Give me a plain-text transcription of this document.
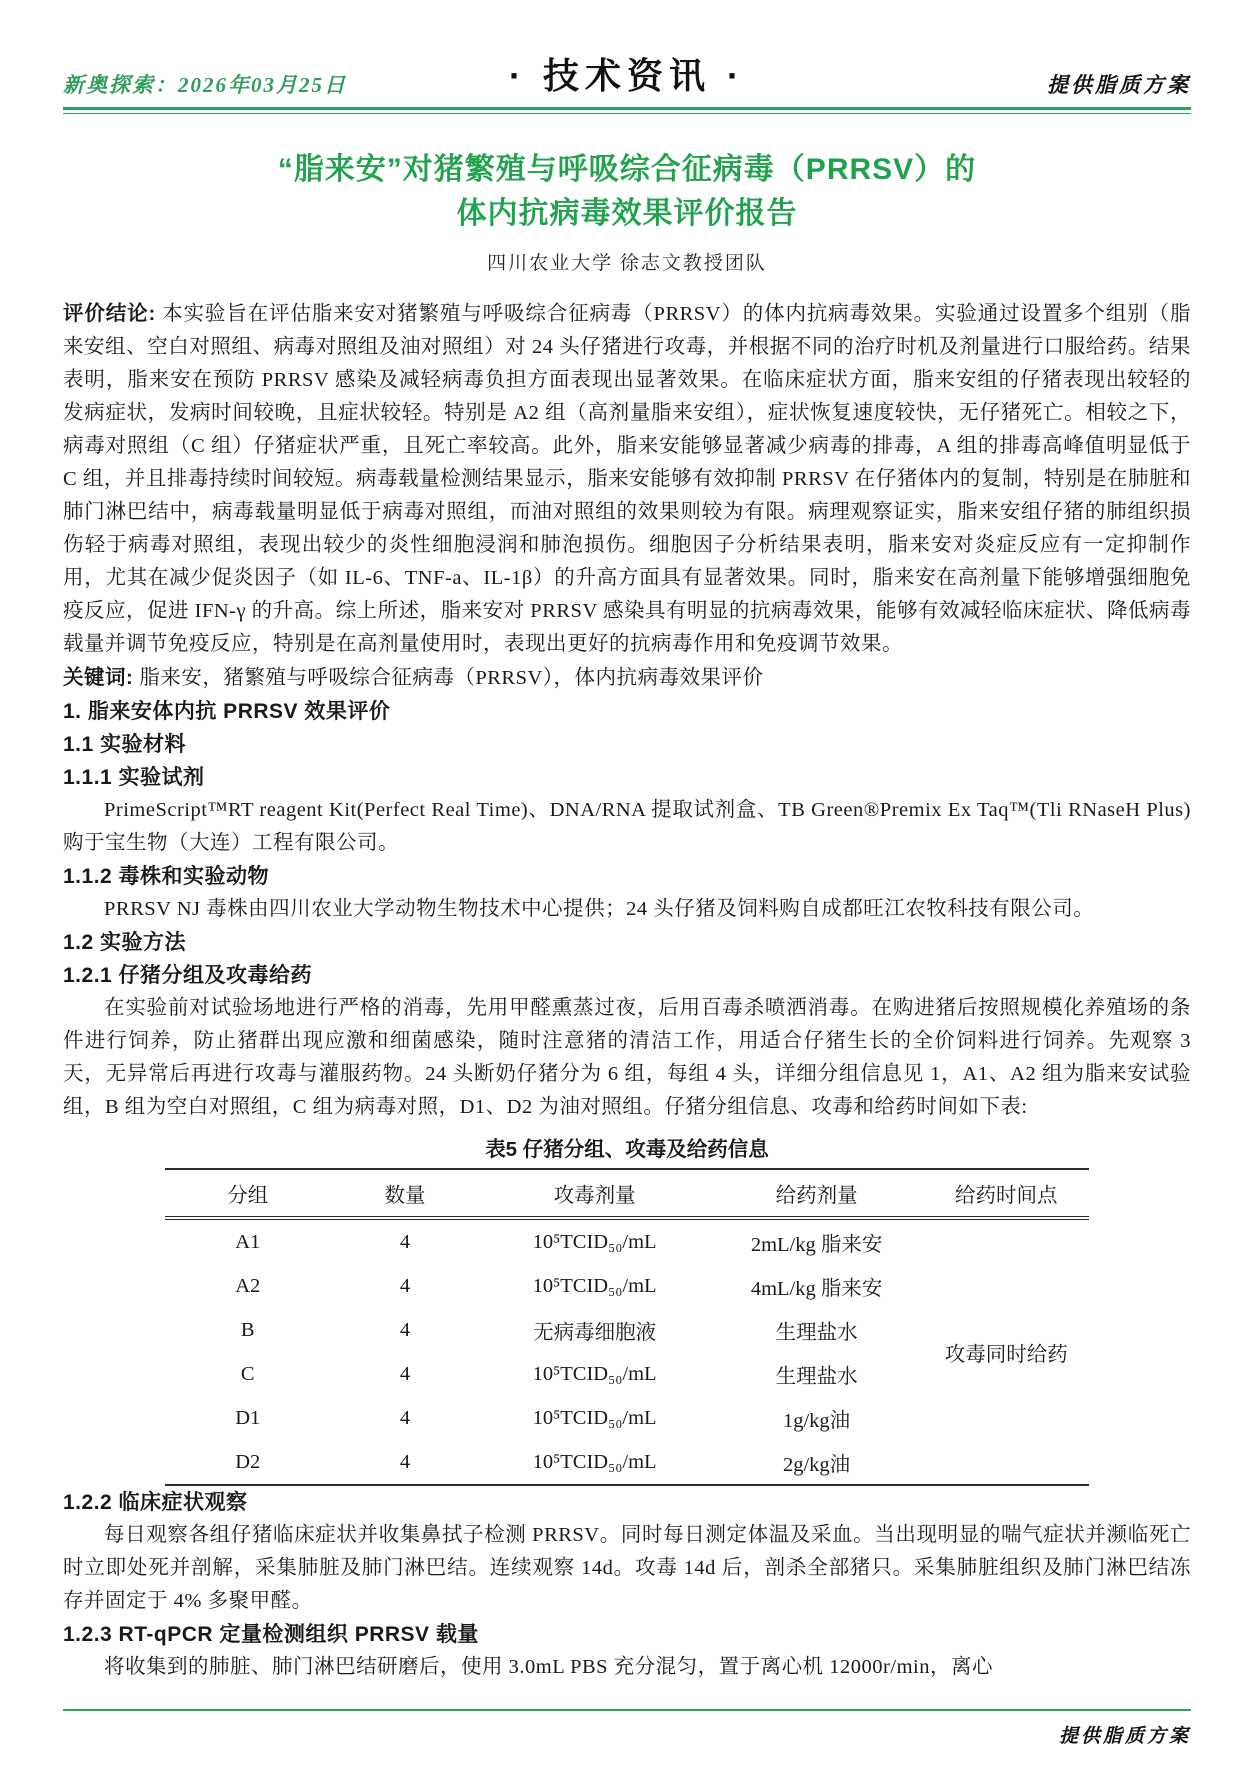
新奥探索：2026年03月25日	· 技术资讯 ·	提供脂质方案
“脂来安”对猪繁殖与呼吸综合征病毒（PRRSV）的
体内抗病毒效果评价报告
四川农业大学 徐志文教授团队

评价结论: 本实验旨在评估脂来安对猪繁殖与呼吸综合征病毒（PRRSV）的体内抗病毒效果。实验通过设置多个组别（脂来安组、空白对照组、病毒对照组及油对照组）对 24 头仔猪进行攻毒，并根据不同的治疗时机及剂量进行口服给药。结果表明，脂来安在预防 PRRSV 感染及减轻病毒负担方面表现出显著效果。在临床症状方面，脂来安组的仔猪表现出较轻的发病症状，发病时间较晚，且症状较轻。特别是 A2 组（高剂量脂来安组），症状恢复速度较快，无仔猪死亡。相较之下，病毒对照组（C 组）仔猪症状严重，且死亡率较高。此外，脂来安能够显著减少病毒的排毒，A 组的排毒高峰值明显低于 C 组，并且排毒持续时间较短。病毒载量检测结果显示，脂来安能够有效抑制 PRRSV 在仔猪体内的复制，特别是在肺脏和肺门淋巴结中，病毒载量明显低于病毒对照组，而油对照组的效果则较为有限。病理观察证实，脂来安组仔猪的肺组织损伤轻于病毒对照组，表现出较少的炎性细胞浸润和肺泡损伤。细胞因子分析结果表明，脂来安对炎症反应有一定抑制作用，尤其在减少促炎因子（如 IL-6、TNF-a、IL-1β）的升高方面具有显著效果。同时，脂来安在高剂量下能够增强细胞免疫反应，促进 IFN-γ 的升高。综上所述，脂来安对 PRRSV 感染具有明显的抗病毒效果，能够有效减轻临床症状、降低病毒载量并调节免疫反应，特别是在高剂量使用时，表现出更好的抗病毒作用和免疫调节效果。

关键词: 脂来安，猪繁殖与呼吸综合征病毒（PRRSV），体内抗病毒效果评价

1. 脂来安体内抗 PRRSV 效果评价
1.1 实验材料
1.1.1 实验试剂

PrimeScript™RT reagent Kit(Perfect Real Time)、DNA/RNA 提取试剂盒、TB Green®Premix Ex Taq™(Tli RNaseH Plus) 购于宝生物（大连）工程有限公司。

1.1.2 毒株和实验动物

PRRSV NJ 毒株由四川农业大学动物生物技术中心提供；24 头仔猪及饲料购自成都旺江农牧科技有限公司。

1.2 实验方法
1.2.1 仔猪分组及攻毒给药

在实验前对试验场地进行严格的消毒，先用甲醛熏蒸过夜，后用百毒杀喷洒消毒。在购进猪后按照规模化养殖场的条件进行饲养，防止猪群出现应激和细菌感染，随时注意猪的清洁工作，用适合仔猪生长的全价饲料进行饲养。先观察 3 天，无异常后再进行攻毒与灌服药物。24 头断奶仔猪分为 6 组，每组 4 头，详细分组信息见 1，A1、A2 组为脂来安试验组，B 组为空白对照组，C 组为病毒对照，D1、D2 为油对照组。仔猪分组信息、攻毒和给药时间如下表:

表5 仔猪分组、攻毒及给药信息
分组	数量	攻毒剂量	给药剂量	给药时间点
A1	4	10⁵TCID₅₀/mL	2mL/kg 脂来安	攻毒同时给药
A2	4	10⁵TCID₅₀/mL	4mL/kg 脂来安	
B	4	无病毒细胞液	生理盐水	
C	4	10⁵TCID₅₀/mL	生理盐水	
D1	4	10⁵TCID₅₀/mL	1g/kg油	
D2	4	10⁵TCID₅₀/mL	2g/kg油	
1.2.2 临床症状观察

每日观察各组仔猪临床症状并收集鼻拭子检测 PRRSV。同时每日测定体温及采血。当出现明显的喘气症状并濒临死亡时立即处死并剖解，采集肺脏及肺门淋巴结。连续观察 14d。攻毒 14d 后，剖杀全部猪只。采集肺脏组织及肺门淋巴结冻存并固定于 4% 多聚甲醛。

1.2.3 RT-qPCR 定量检测组织 PRRSV 载量

将收集到的肺脏、肺门淋巴结研磨后，使用 3.0mL PBS 充分混匀，置于离心机 12000r/min，离心

提供脂质方案
